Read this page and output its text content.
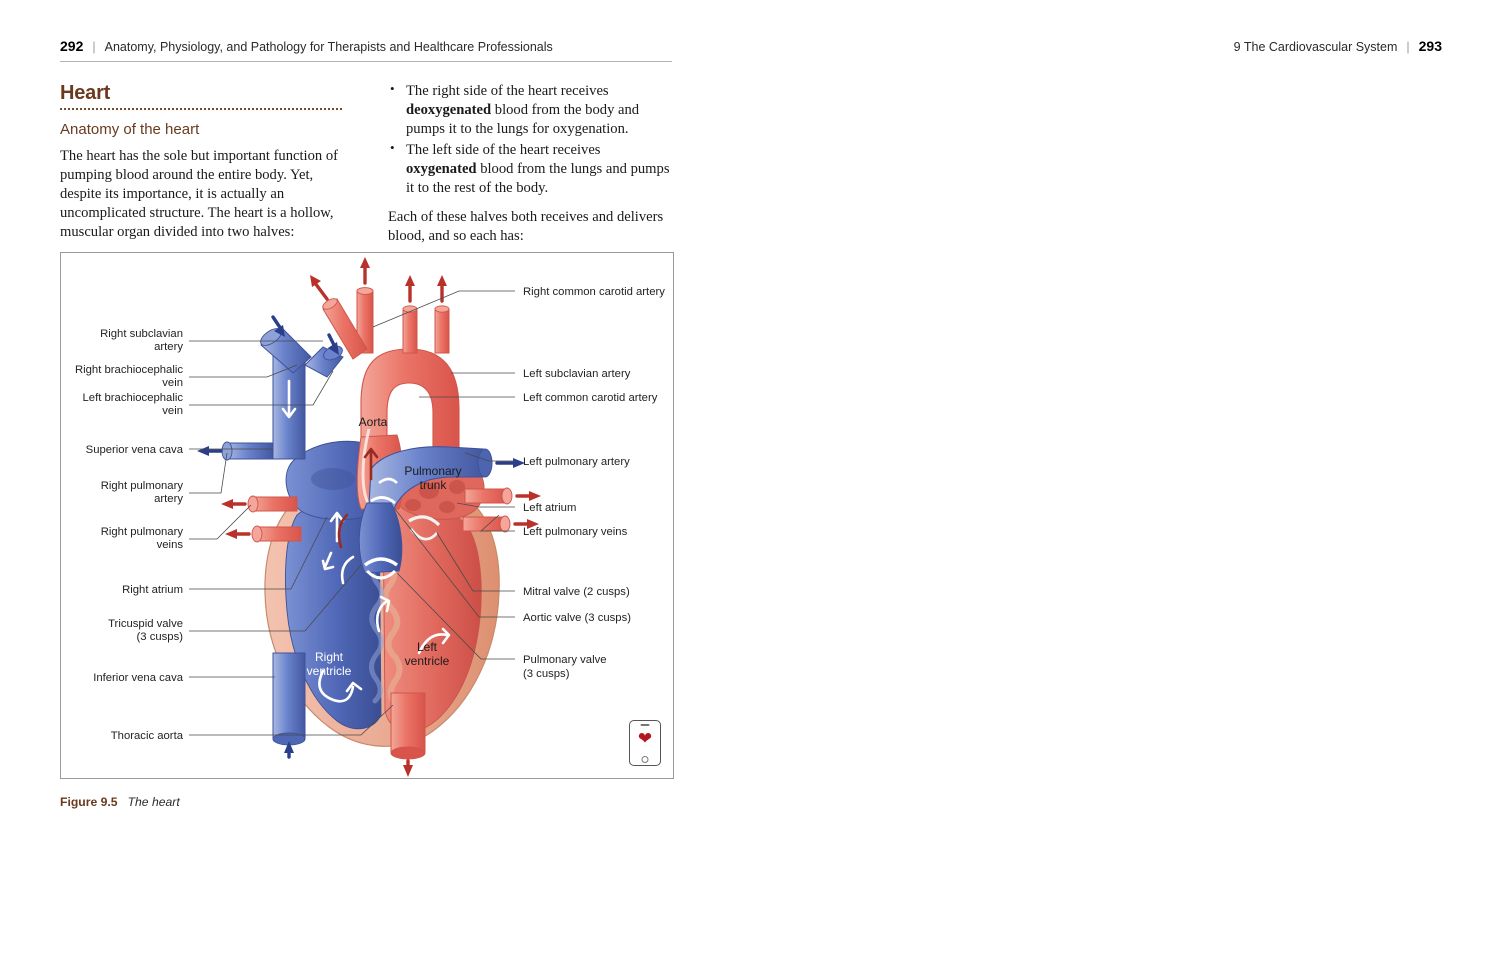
292 | Anatomy, Physiology, and Pathology for Therapists and Healthcare Professionals
Heart
Anatomy of the heart

The heart has the sole but important function of pumping blood around the entire body. Yet, despite its importance, it is actually an uncomplicated structure. The heart is a hollow, muscular organ divided into two halves:

• The right side of the heart receives deoxygenated blood from the body and pumps it to the lungs for oxygenation.
• The left side of the heart receives oxygenated blood from the lungs and pumps it to the rest of the body.

Each of these halves both receives and delivers blood, and so each has:

Right subclavian
artery
Right brachiocephalic
vein
Left brachiocephalic
vein
Superior vena cava
Right pulmonary
artery
Right pulmonary
veins
Right atrium
Tricuspid valve
(3 cusps)
Inferior vena cava
Thoracic aorta
Right common carotid artery
Left subclavian artery
Left common carotid artery
Left pulmonary artery
Left atrium
Left pulmonary veins
Mitral valve (2 cusps)
Aortic valve (3 cusps)
Pulmonary valve
(3 cusps)
Aorta
Pulmonary
trunk
Right
ventricle
Left
ventricle
❤
Figure 9.5 The heart
9 The Cardiovascular System | 293
